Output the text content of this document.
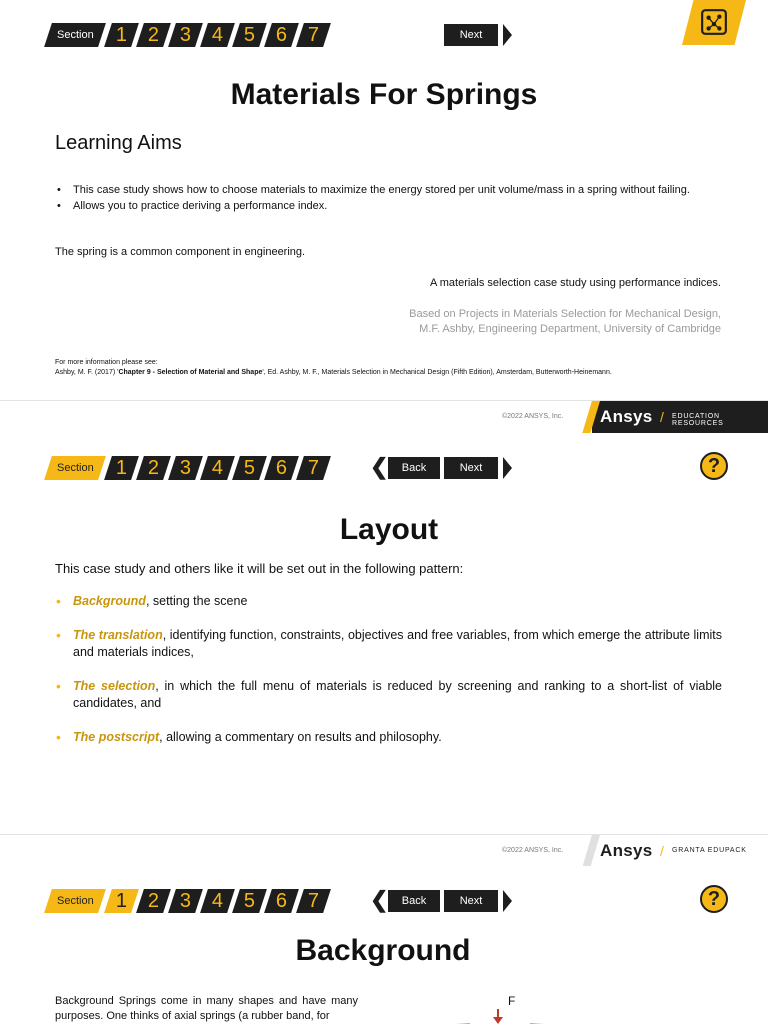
Section 1 2 3 4 5 6 7	Next
Materials For Springs
Learning Aims
• This case study shows how to choose materials to maximize the energy stored per unit volume/mass in a spring without failing.
• Allows you to practice deriving a performance index.
The spring is a common component in engineering.
A materials selection case study using performance indices.
Based on Projects in Materials Selection for Mechanical Design,
M.F. Ashby, Engineering Department, University of Cambridge
For more information please see:
Ashby, M. F. (2017) 'Chapter 9 - Selection of Material and Shape', Ed. Ashby, M. F., Materials Selection in Mechanical Design (Fifth Edition), Amsterdam, Butterworth-Heinemann.
©2022 ANSYS, Inc. Ansys / EDUCATION RESOURCES
Section 1 2 3 4 5 6 7 ❮ Back	Next	?
Layout
This case study and others like it will be set out in the following pattern:
• Background, setting the scene
• The translation, identifying function, constraints, objectives and free variables, from which emerge the attribute limits and materials indices,
• The selection, in which the full menu of materials is reduced by screening and ranking to a short-list of viable candidates, and
• The postscript, allowing a commentary on results and philosophy.
©2022 ANSYS, Inc. Ansys / GRANTA EDUPACK
Section 1 2 3 4 5 6 7 ❮ Back	Next	?
Background
Background Springs come in many shapes and have many purposes. One thinks of axial springs (a rubber band, for
F
